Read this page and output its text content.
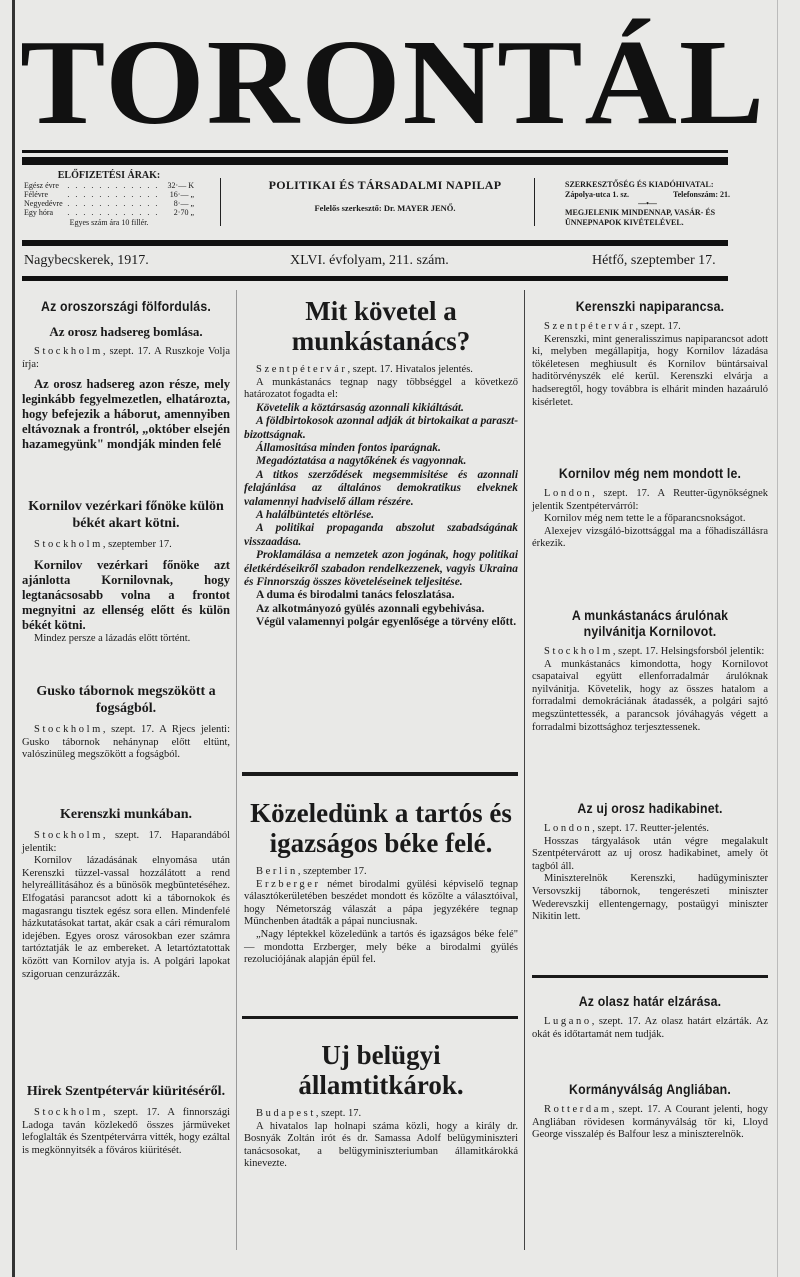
TORONTÁL
ELŐFIZETÉSI ÁRAK:
Egész évre	. . . . . . . . . . . .	32·— K
Félévre	. . . . . . . . . . . .	16·— „
Negyedévre . . . . . . . . . . . .	8·— „
Egy hóra	. . . . . . . . . . . .	2·70 „
Egyes szám ára 10 fillér.
POLITIKAI ÉS TÁRSADALMI NAPILAP
Felelős szerkesztő: Dr. MAYER JENŐ.
SZERKESZTŐSÉG ÉS KIADÓHIVATAL:
Zápolya-utca 1. sz.	Telefonszám: 21.
—•—
MEGJELENIK MINDENNAP, VASÁR- ÉS ÜNNEPNAPOK KIVÉTELÉVEL.
Nagybecskerek, 1917.	XLVI. évfolyam, 211. szám.	Hétfő, szeptember 17.
Az oroszországi fölfordulás.
Az orosz hadsereg bomlása.

Stockholm, szept. 17. A Ruszkoje Volja írja:

Az orosz hadsereg azon része, mely leginkább fegyelmezetlen, elhatározta, hogy befejezik a háborut, amennyiben eltávoznak a frontról, „október elsején hazamegyünk" mondják minden felé

Kornilov vezérkari főnöke külön békét akart kötni.

Stockholm, szeptember 17.

Kornilov vezérkari főnöke azt ajánlotta Kornilovnak, hogy legtanácsosabb volna a frontot megnyitni az ellenség előtt és külön békét kötni.

Mindez persze a lázadás előtt történt.

Gusko tábornok megszökött a fogságból.

Stockholm, szept. 17. A Rjecs jelenti: Gusko tábornok nehánynap előtt eltünt, valószinüleg megszökött a fogságból.

Kerenszki munkában.

Stockholm, szept. 17. Haparandából jelentik:

Kornilov lázadásának elnyomása után Kerenszki tüzzel-vassal hozzálátott a rend helyreállitásához és a bünösök megbüntetéséhez. Elfogatási parancsot adott ki a tábornokok és magasrangu tisztek egész sora ellen. Mindenfelé házkutatásokat tartat, akár csak a cári rémuralom idejében. Egyes orosz városokban ezer számra tartóztatják le az embereket. A letartóztatottak között van Kornilov atyja is. A polgári lapokat szigoruan cenzurázzák.

Hirek Szentpétervár kiüritéséről.

Stockholm, szept. 17. A finnországi Ladoga taván közlekedő összes jármüveket lefoglalták és Szentpétervárra vitték, hogy ezáltal is megkönnyitsék a főváros kiüritését.

Mit követel a munkástanács?

Szentpétervár, szept. 17. Hivatalos jelentés.

A munkástanács tegnap nagy többséggel a következő határozatot fogadta el:

Követelik a köztársaság azonnali kikiáltását.

A földbirtokosok azonnal adják át birtokaikat a paraszt-bizottságnak.

Államositása minden fontos iparágnak.

Megadóztatása a nagytőkének és vagyonnak.

A titkos szerződések megsemmisitése és azonnali felajánlása az általános demokratikus elveknek valamennyi hadviselő állam részére.

A halálbüntetés eltörlése.

A politikai propaganda abszolut szabadságának visszaadása.

Proklamálása a nemzetek azon jogának, hogy politikai életkérdéseikről szabadon rendelkezzenek, vagyis Ukraina és Finnország összes követeléseinek teljesitése.

A duma és birodalmi tanács feloszlatása.

Az alkotmányozó gyülés azonnali egybehivása.

Végül valamennyi polgár egyenlősége a törvény előtt.

Közeledünk a tartós és igazságos béke felé.

Berlin, szeptember 17.

Erzberger német birodalmi gyülési képviselő tegnap választókerületében beszédet mondott és közölte a választóival, hogy Németország válaszát a pápa jegyzékére tegnap Münchenben átadták a pápai nunciusnak.

„Nagy léptekkel közeledünk a tartós és igazságos béke felé" — mondotta Erzberger, mely béke a birodalmi gyülés rezoluciójának alapján épül fel.

Uj belügyi államtitkárok.

Budapest, szept. 17.

A hivatalos lap holnapi száma közli, hogy a király dr. Bosnyák Zoltán irót és dr. Samassa Adolf belügyminiszteri tanácsosokat, a belügyminiszteriumban államitkárokká kinevezte.

Kerenszki napiparancsa.

Szentpétervár, szept. 17.

Kerenszki, mint generalisszimus napiparancsot adott ki, melyben megállapitja, hogy Kornilov lázadása tökéletesen meghiusult és Kornilov büntársaival haditörvényszék elé kerül. Kerenszki elvárja a hadseregtől, hogy továbbra is elhárit minden hazaáruló kisérletet.

Kornilov még nem mondott le.

London, szept. 17. A Reutter-ügynökségnek jelentik Szentpétervárról:

Kornilov még nem tette le a főparancsnokságot.

Alexejev vizsgáló-bizottsággal ma a főhadiszállásra érkezik.

A munkástanács árulónak nyilvánitja Kornilovot.

Stockholm, szept. 17. Helsingsforsból jelentik:

A munkástanács kimondotta, hogy Kornilovot csapataival együtt ellenforradalmár árulóknak nyilvánitja. Követelik, hogy az összes hatalom a forradalmi demokráciának átadassék, a polgári sajtó megszüntettessék, a parancsok jóváhagyás végett a forradalmi bizottsághoz terjesztessenek.

Az uj orosz hadikabinet.

London, szept. 17. Reutter-jelentés.

Hosszas tárgyalások után végre megalakult Szentpétervárott az uj orosz hadikabinet, amely öt tagból áll.

Miniszterelnök Kerenszki, hadügyminiszter Versovszkij tábornok, tengerészeti miniszter Wederevszkij ellentengernagy, postaügyi miniszter Nikitin lett.

Az olasz határ elzárása.

Lugano, szept. 17. Az olasz határt elzárták. Az okát és időtartamát nem tudják.

Kormányválság Angliában.

Rotterdam, szept. 17. A Courant jelenti, hogy Angliában rövidesen kormányválság tör ki, Lloyd George visszalép és Balfour lesz a miniszterelnök.
